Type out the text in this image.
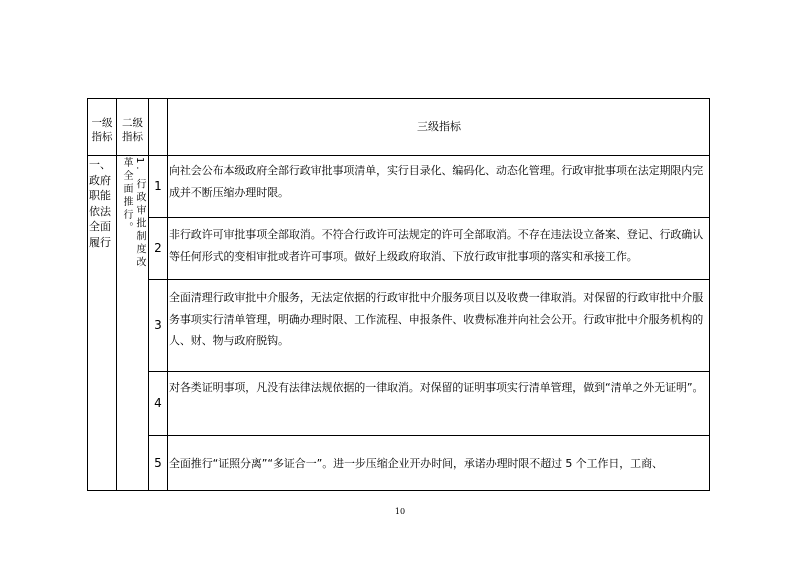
一级指标
二级指标
三级指标
一、政府职能依法全面履行	1. 行政审批制度改革全面推行。	1
向社会公布本级政府全部行政审批事项清单，实行目录化、编码化、动态化管理。行政审批事项在法定期限内完成并不断压缩办理时限。
2
非行政许可审批事项全部取消。不符合行政许可法规定的许可全部取消。不存在违法设立备案、登记、行政确认等任何形式的变相审批或者许可事项。做好上级政府取消、下放行政审批事项的落实和承接工作。
3
全面清理行政审批中介服务，无法定依据的行政审批中介服务项目以及收费一律取消。对保留的行政审批中介服务事项实行清单管理，明确办理时限、工作流程、申报条件、收费标准并向社会公开。行政审批中介服务机构的人、财、物与政府脱钩。
4
对各类证明事项，凡没有法律法规依据的一律取消。对保留的证明事项实行清单管理，做到“清单之外无证明”。
5 全面推行“证照分离”“多证合一”。进一步压缩企业开办时间，承诺办理时限不超过 5 个工作日，工商、
10
